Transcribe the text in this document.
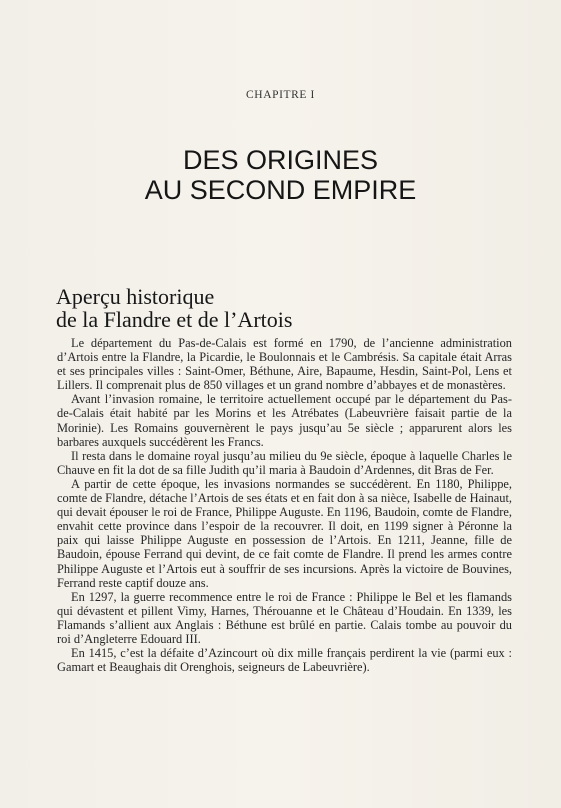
CHAPITRE I
DES ORIGINES
AU SECOND EMPIRE
Aperçu historique
de la Flandre et de l’Artois

Le département du Pas-de-Calais est formé en 1790, de l’ancienne administration d’Artois entre la Flandre, la Picardie, le Boulonnais et le Cambrésis. Sa capitale était Arras et ses principales villes : Saint-Omer, Béthune, Aire, Bapaume, Hesdin, Saint-Pol, Lens et Lillers. Il comprenait plus de 850 villages et un grand nombre d’abbayes et de monastères.

Avant l’invasion romaine, le territoire actuellement occupé par le département du Pas-de-Calais était habité par les Morins et les Atrébates (Labeuvrière faisait partie de la Morinie). Les Romains gouvernèrent le pays jusqu’au 5e siècle ; apparurent alors les barbares auxquels succédèrent les Francs.

Il resta dans le domaine royal jusqu’au milieu du 9e siècle, époque à laquelle Charles le Chauve en fit la dot de sa fille Judith qu’il maria à Baudoin d’Ardennes, dit Bras de Fer.

A partir de cette époque, les invasions normandes se succédèrent. En 1180, Philippe, comte de Flandre, détache l’Artois de ses états et en fait don à sa nièce, Isabelle de Hainaut, qui devait épouser le roi de France, Philippe Auguste. En 1196, Baudoin, comte de Flandre, envahit cette province dans l’espoir de la recouvrer. Il doit, en 1199 signer à Péronne la paix qui laisse Philippe Auguste en possession de l’Artois. En 1211, Jeanne, fille de Baudoin, épouse Ferrand qui devint, de ce fait comte de Flandre. Il prend les armes contre Philippe Auguste et l’Artois eut à souffrir de ses incursions. Après la victoire de Bouvines, Ferrand reste captif douze ans.

En 1297, la guerre recommence entre le roi de France : Philippe le Bel et les flamands qui dévastent et pillent Vimy, Harnes, Thérouanne et le Château d’Houdain. En 1339, les Flamands s’allient aux Anglais : Béthune est brûlé en partie. Calais tombe au pouvoir du roi d’Angleterre Edouard III.

En 1415, c’est la défaite d’Azincourt où dix mille français perdirent la vie (parmi eux : Gamart et Beaughais dit Orenghois, seigneurs de Labeuvrière).
